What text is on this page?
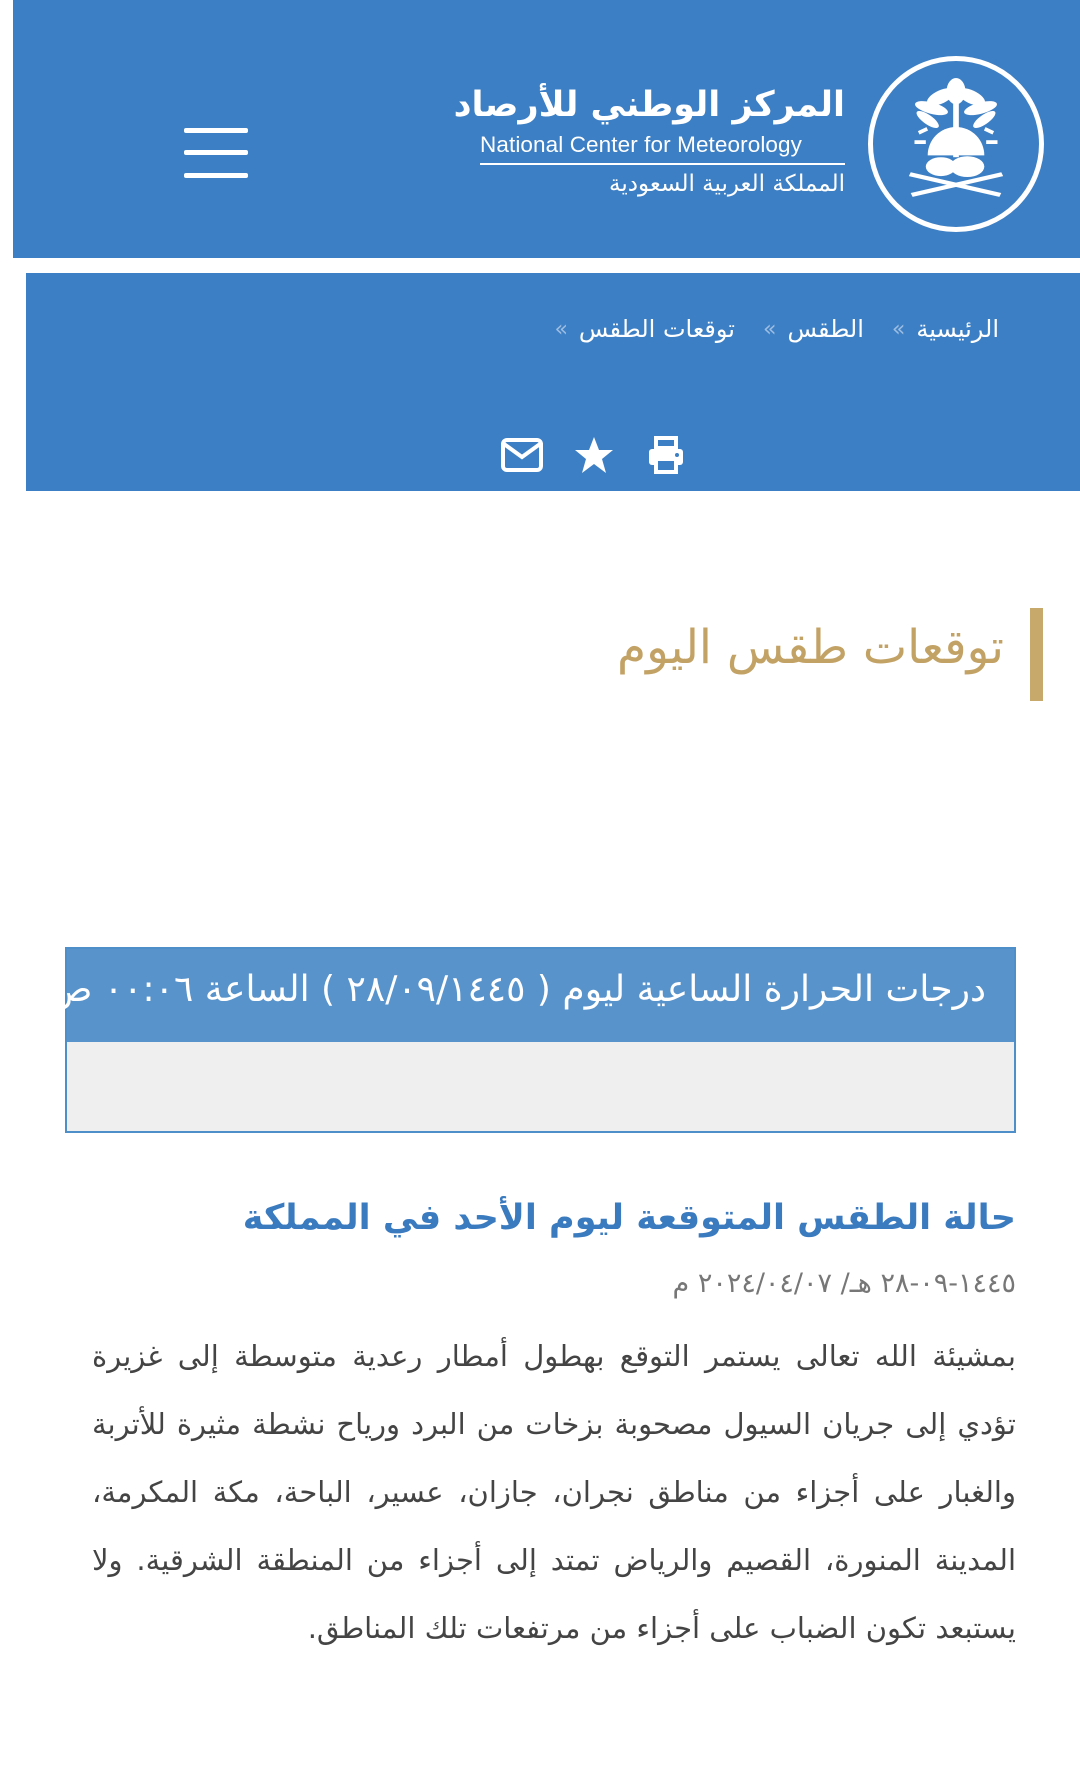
المركز الوطني للأرصاد
National Center for Meteorology
المملكة العربية السعودية
الرئيسية
»
الطقس
»
توقعات الطقس
»
توقعات طقس اليوم
درجات الحرارة الساعية ليوم ( ٢٨/٠٩/١٤٤٥ ) الساعة ٠٠:٠٦ ص
حالة الطقس المتوقعة ليوم الأحد في المملكة
١٤٤٥-٠٩-٢٨ هـ/ ٢٠٢٤/٠٤/٠٧ م

بمشيئة الله تعالى يستمر التوقع بهطول أمطار رعدية متوسطة إلى غزيرة تؤدي إلى جريان السيول مصحوبة بزخات من البرد ورياح نشطة مثيرة للأتربة والغبار على أجزاء من مناطق نجران، جازان، عسير، الباحة، مكة المكرمة، المدينة المنورة، القصيم والرياض تمتد إلى أجزاء من المنطقة الشرقية. ولا يستبعد تكون الضباب على أجزاء من مرتفعات تلك المناطق.
